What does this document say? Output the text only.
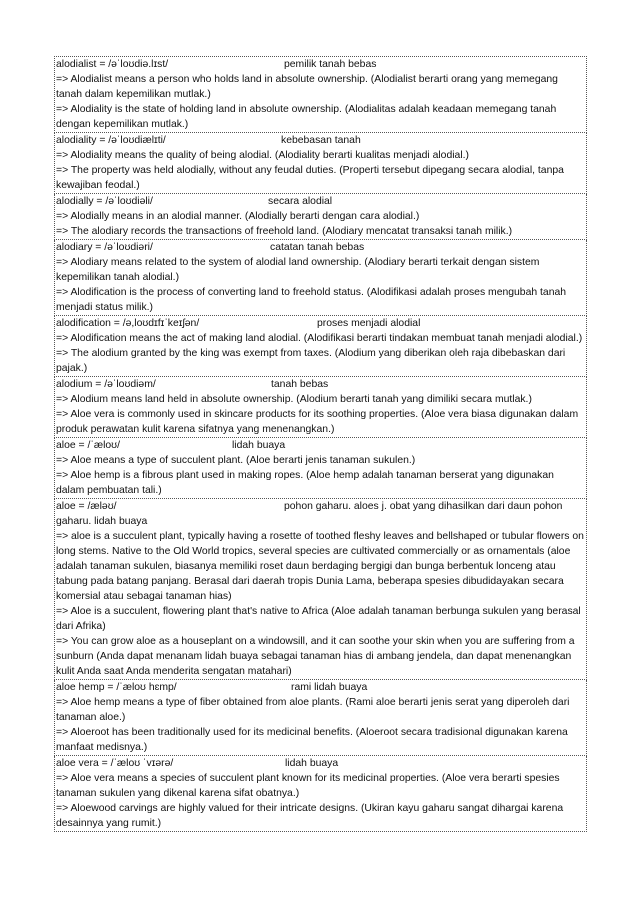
alodialist = /əˈloʊdiə.lɪst/	pemilik tanah bebas
=> Alodialist means a person who holds land in absolute ownership. (Alodialist berarti orang yang memegang tanah dalam kepemilikan mutlak.)
=> Alodiality is the state of holding land in absolute ownership. (Alodialitas adalah keadaan memegang tanah dengan kepemilikan mutlak.)
alodiality = /əˈloʊdiælɪti/	kebebasan tanah
=> Alodiality means the quality of being alodial. (Alodiality berarti kualitas menjadi alodial.)
=> The property was held alodially, without any feudal duties. (Properti tersebut dipegang secara alodial, tanpa kewajiban feodal.)
alodially = /əˈloʊdiəli/	secara alodial
=> Alodially means in an alodial manner. (Alodially berarti dengan cara alodial.)
=> The alodiary records the transactions of freehold land. (Alodiary mencatat transaksi tanah milik.)
alodiary = /əˈloʊdiəri/	catatan tanah bebas
=> Alodiary means related to the system of alodial land ownership. (Alodiary berarti terkait dengan sistem kepemilikan tanah alodial.)
=> Alodification is the process of converting land to freehold status. (Alodifikasi adalah proses mengubah tanah menjadi status milik.)
alodification = /ə,loʊdɪfɪˈkeɪʃən/	proses menjadi alodial
=> Alodification means the act of making land alodial. (Alodifikasi berarti tindakan membuat tanah menjadi alodial.)
=> The alodium granted by the king was exempt from taxes. (Alodium yang diberikan oleh raja dibebaskan dari pajak.)
alodium = /əˈloʊdiəm/	tanah bebas
=> Alodium means land held in absolute ownership. (Alodium berarti tanah yang dimiliki secara mutlak.)
=> Aloe vera is commonly used in skincare products for its soothing properties. (Aloe vera biasa digunakan dalam produk perawatan kulit karena sifatnya yang menenangkan.)
aloe = /ˈæloʊ/	lidah buaya
=> Aloe means a type of succulent plant. (Aloe berarti jenis tanaman sukulen.)
=> Aloe hemp is a fibrous plant used in making ropes. (Aloe hemp adalah tanaman berserat yang digunakan dalam pembuatan tali.)
aloe = /æləʊ/	pohon gaharu. aloes j. obat yang dihasilkan dari daun pohon gaharu. lidah buaya
=> aloe is a succulent plant, typically having a rosette of toothed fleshy leaves and bellshaped or tubular flowers on long stems. Native to the Old World tropics, several species are cultivated commercially or as ornamentals (aloe adalah tanaman sukulen, biasanya memiliki roset daun berdaging bergigi dan bunga berbentuk lonceng atau tabung pada batang panjang. Berasal dari daerah tropis Dunia Lama, beberapa spesies dibudidayakan secara komersial atau sebagai tanaman hias)
=> Aloe is a succulent, flowering plant that's native to Africa (Aloe adalah tanaman berbunga sukulen yang berasal dari Afrika)
=> You can grow aloe as a houseplant on a windowsill, and it can soothe your skin when you are suffering from a sunburn (Anda dapat menanam lidah buaya sebagai tanaman hias di ambang jendela, dan dapat menenangkan kulit Anda saat Anda menderita sengatan matahari)
aloe hemp = /ˈæloʊ hɛmp/	rami lidah buaya
=> Aloe hemp means a type of fiber obtained from aloe plants. (Rami aloe berarti jenis serat yang diperoleh dari tanaman aloe.)
=> Aloeroot has been traditionally used for its medicinal benefits. (Aloeroot secara tradisional digunakan karena manfaat medisnya.)
aloe vera = /ˈæloʊ ˈvɪərə/	lidah buaya
=> Aloe vera means a species of succulent plant known for its medicinal properties. (Aloe vera berarti spesies tanaman sukulen yang dikenal karena sifat obatnya.)
=> Aloewood carvings are highly valued for their intricate designs. (Ukiran kayu gaharu sangat dihargai karena desainnya yang rumit.)
